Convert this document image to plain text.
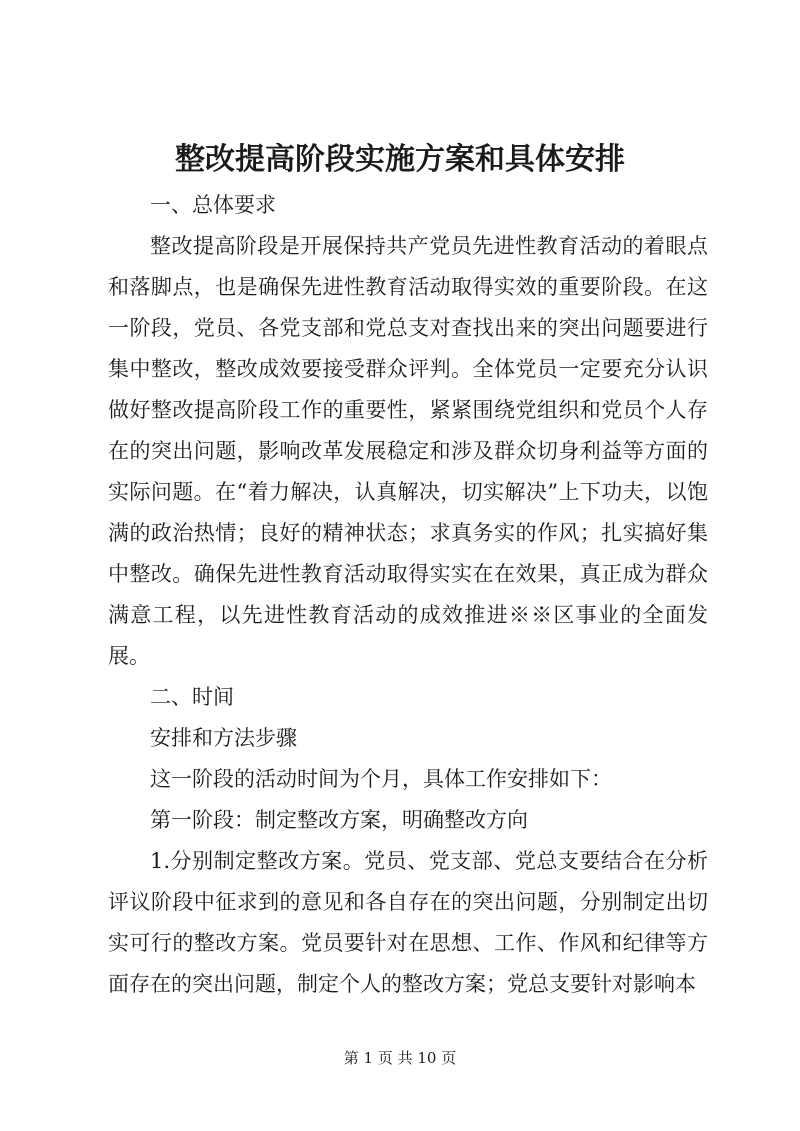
整改提高阶段实施方案和具体安排

一、总体要求

整改提高阶段是开展保持共产党员先进性教育活动的着眼点和落脚点，也是确保先进性教育活动取得实效的重要阶段。在这一阶段，党员、各党支部和党总支对查找出来的突出问题要进行集中整改，整改成效要接受群众评判。全体党员一定要充分认识做好整改提高阶段工作的重要性，紧紧围绕党组织和党员个人存在的突出问题，影响改革发展稳定和涉及群众切身利益等方面的实际问题。在“着力解决，认真解决，切实解决”上下功夫，以饱满的政治热情；良好的精神状态；求真务实的作风；扎实搞好集中整改。确保先进性教育活动取得实实在在效果，真正成为群众满意工程，以先进性教育活动的成效推进※※区事业的全面发展。

二、时间

安排和方法步骤

这一阶段的活动时间为个月，具体工作安排如下：

第一阶段：制定整改方案，明确整改方向

1.分别制定整改方案。党员、党支部、党总支要结合在分析评议阶段中征求到的意见和各自存在的突出问题，分别制定出切实可行的整改方案。党员要针对在思想、工作、作风和纪律等方面存在的突出问题，制定个人的整改方案；党总支要针对影响本

第 1 页 共 10 页
